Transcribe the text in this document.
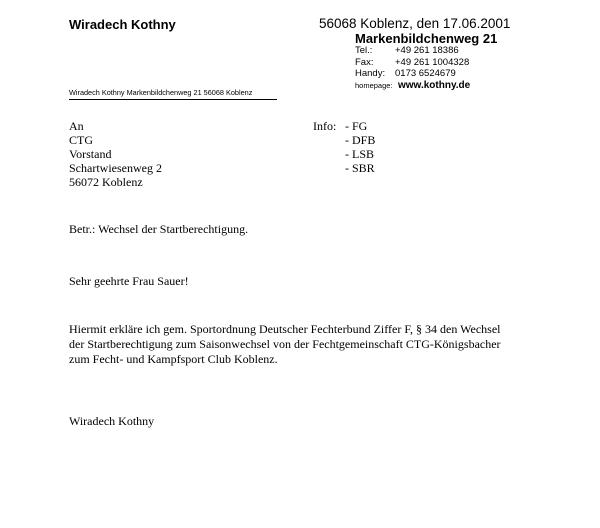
Wiradech Kothny	56068 Koblenz, den 17.06.2001
Markenbildchenweg 21
Tel.:	+49 261 18386
Fax:	+49 261 1004328
Handy:	0173 6524679
homepage: www.kothny.de
Wiradech Kothny Markenbildchenweg 21 56068 Koblenz
An
CTG
Vorstand
Schartwiesenweg 2
56072 Koblenz
Info: - FG
- DFB
- LSB
- SBR
Betr.: Wechsel der Startberechtigung.
Sehr geehrte Frau Sauer!
Hiermit erkläre ich gem. Sportordnung Deutscher Fechterbund Ziffer F, § 34 den Wechsel
der Startberechtigung zum Saisonwechsel von der Fechtgemeinschaft CTG-Königsbacher
zum Fecht- und Kampfsport Club Koblenz.
Wiradech Kothny
